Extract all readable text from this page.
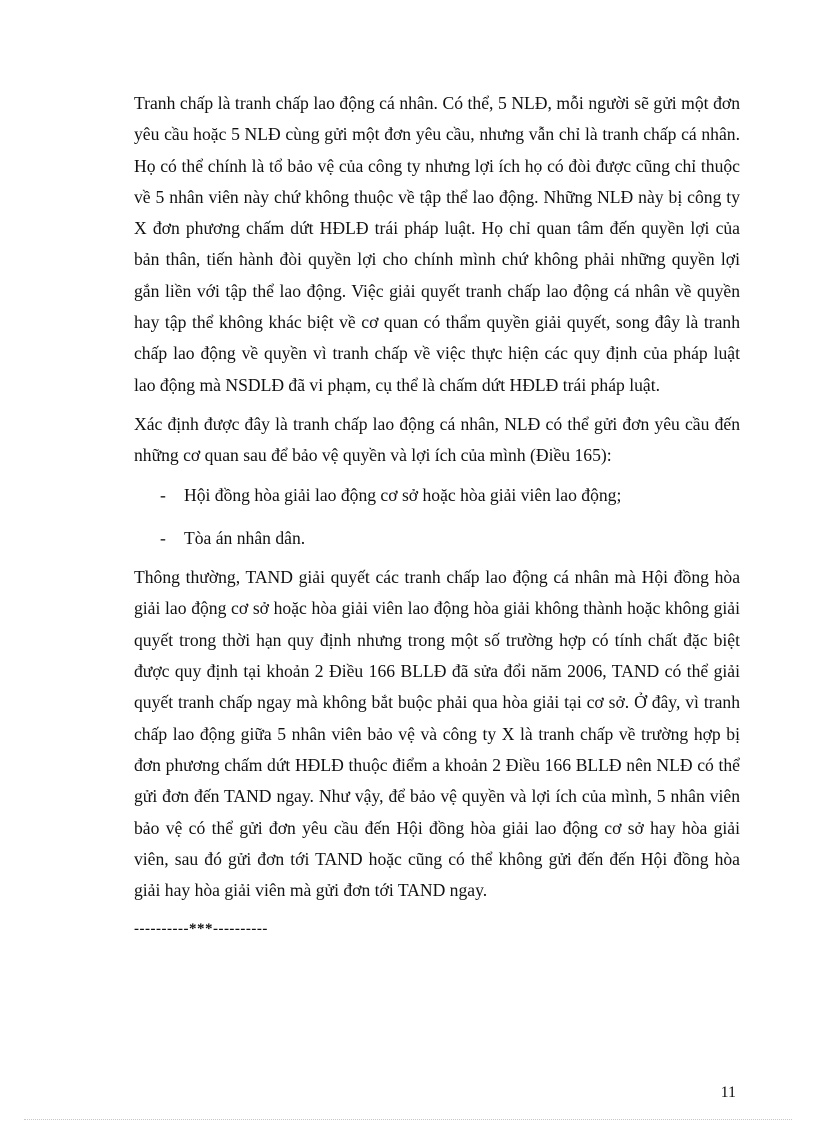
Tranh chấp là tranh chấp lao động cá nhân. Có thể, 5 NLĐ, mỗi người sẽ gửi một đơn yêu cầu hoặc 5 NLĐ cùng gửi một đơn yêu cầu, nhưng vẫn chỉ là tranh chấp cá nhân. Họ có thể chính là tổ bảo vệ của công ty nhưng lợi ích họ có đòi được cũng chỉ thuộc về 5 nhân viên này chứ không thuộc về tập thể lao động. Những NLĐ này bị công ty X đơn phương chấm dứt HĐLĐ trái pháp luật. Họ chỉ quan tâm đến quyền lợi của bản thân, tiến hành đòi quyền lợi cho chính mình chứ không phải những quyền lợi gắn liền với tập thể lao động. Việc giải quyết tranh chấp lao động cá nhân về quyền hay tập thể không khác biệt về cơ quan có thẩm quyền giải quyết, song đây là tranh chấp lao động về quyền vì tranh chấp về việc thực hiện các quy định của pháp luật lao động mà NSDLĐ đã vi phạm, cụ thể là chấm dứt HĐLĐ trái pháp luật.

Xác định được đây là tranh chấp lao động cá nhân, NLĐ có thể gửi đơn yêu cầu đến những cơ quan sau để bảo vệ quyền và lợi ích của mình (Điều 165):

- Hội đồng hòa giải lao động cơ sở hoặc hòa giải viên lao động;
- Tòa án nhân dân.

Thông thường, TAND giải quyết các tranh chấp lao động cá nhân mà Hội đồng hòa giải lao động cơ sở hoặc hòa giải viên lao động hòa giải không thành hoặc không giải quyết trong thời hạn quy định nhưng trong một số trường hợp có tính chất đặc biệt được quy định tại khoản 2 Điều 166 BLLĐ đã sửa đổi năm 2006, TAND có thể giải quyết tranh chấp ngay mà không bắt buộc phải qua hòa giải tại cơ sở. Ở đây, vì tranh chấp lao động giữa 5 nhân viên bảo vệ và công ty X là tranh chấp về trường hợp bị đơn phương chấm dứt HĐLĐ thuộc điểm a khoản 2 Điều 166 BLLĐ nên NLĐ có thể gửi đơn đến TAND ngay. Như vậy, để bảo vệ quyền và lợi ích của mình, 5 nhân viên bảo vệ có thể gửi đơn yêu cầu đến Hội đồng hòa giải lao động cơ sở hay hòa giải viên, sau đó gửi đơn tới TAND hoặc cũng có thể không gửi đến đến Hội đồng hòa giải hay hòa giải viên mà gửi đơn tới TAND ngay.

----------***----------
11
